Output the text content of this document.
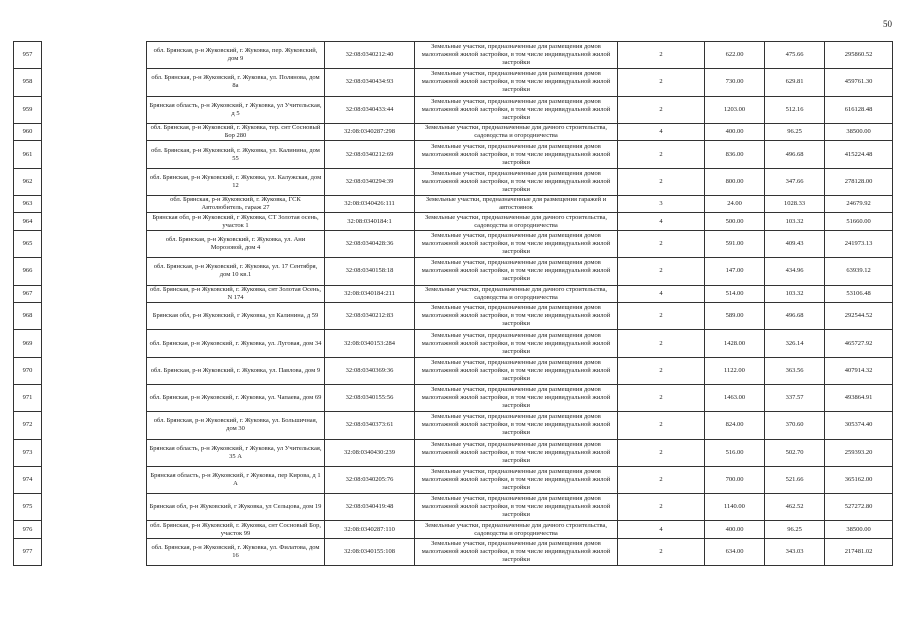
50
957		обл. Брянская, р-н Жуковский, г. Жуковка, пер. Жуковский, дом 9	32:08:0340212:40	Земельные участки, предназначенные для размещения домов малоэтажной жилой застройки, в том числе индивидуальной жилой застройки	2	622.00	475.66	295860.52
958		обл. Брянская, р-н Жуковский, г. Жуковка, ул. Полянова, дом 8а	32:08:0340434:93	Земельные участки, предназначенные для размещения домов малоэтажной жилой застройки, в том числе индивидуальной жилой застройки	2	730.00	629.81	459761.30
959		Брянская область, р-н Жуковский, г Жуковка, ул Учительская, д 5	32:08:0340433:44	Земельные участки, предназначенные для размещения домов малоэтажной жилой застройки, в том числе индивидуальной жилой застройки	2	1203.00	512.16	616128.48
960		обл. Брянская, р-н Жуковский, г. Жуковка, тер. снт Сосновый Бор 280	32:08:0340287:298	Земельные участки, предназначенные для дачного строительства, садоводства и огородничества	4	400.00	96.25	38500.00
961		обл. Брянская, р-н Жуковский, г. Жуковка, ул. Калинина, дом 55	32:08:0340212:69	Земельные участки, предназначенные для размещения домов малоэтажной жилой застройки, в том числе индивидуальной жилой застройки	2	836.00	496.68	415224.48
962		обл. Брянская, р-н Жуковский, г. Жуковка, ул. Калужская, дом 12	32:08:0340294:39	Земельные участки, предназначенные для размещения домов малоэтажной жилой застройки, в том числе индивидуальной жилой застройки	2	800.00	347.66	278128.00
963		обл. Брянская, р-н Жуковский, г. Жуковка, ГСК Автолюбитель, гараж 27	32:08:0340426:111	Земельные участки, предназначенные для размещения гаражей и автостоянок	3	24.00	1028.33	24679.92
964		Брянская обл, р-н Жуковский, г Жуковка, СТ Золотая осень, участок 1	32:08:0340184:1	Земельные участки, предназначенные для дачного строительства, садоводства и огородничества	4	500.00	103.32	51660.00
965		обл. Брянская, р-н Жуковский, г. Жуковка, ул. Ани Морозовой, дом 4	32:08:0340428:36	Земельные участки, предназначенные для размещения домов малоэтажной жилой застройки, в том числе индивидуальной жилой застройки	2	591.00	409.43	241973.13
966		обл. Брянская, р-н Жуковский, г. Жуковка, ул. 17 Сентября, дом 10 кв.1	32:08:0340158:18	Земельные участки, предназначенные для размещения домов малоэтажной жилой застройки, в том числе индивидуальной жилой застройки	2	147.00	434.96	63939.12
967		обл. Брянская, р-н Жуковский, г. Жуковка, снт Золотая Осень, N 174	32:08:0340184:211	Земельные участки, предназначенные для дачного строительства, садоводства и огородничества	4	514.00	103.32	53106.48
968		Брянская обл, р-н Жуковский, г Жуковка, ул Калинина, д 59	32:08:0340212:83	Земельные участки, предназначенные для размещения домов малоэтажной жилой застройки, в том числе индивидуальной жилой застройки	2	589.00	496.68	292544.52
969		обл. Брянская, р-н Жуковский, г. Жуковка, ул. Луговая, дом 34	32:08:0340153:284	Земельные участки, предназначенные для размещения домов малоэтажной жилой застройки, в том числе индивидуальной жилой застройки	2	1428.00	326.14	465727.92
970		обл. Брянская, р-н Жуковский, г. Жуковка, ул. Павлова, дом 9	32:08:0340369:36	Земельные участки, предназначенные для размещения домов малоэтажной жилой застройки, в том числе индивидуальной жилой застройки	2	1122.00	363.56	407914.32
971		обл. Брянская, р-н Жуковский, г. Жуковка, ул. Чапаева, дом 69	32:08:0340155:56	Земельные участки, предназначенные для размещения домов малоэтажной жилой застройки, в том числе индивидуальной жилой застройки	2	1463.00	337.57	493864.91
972		обл. Брянская, р-н Жуковский, г. Жуковка, ул. Большичная, дом 30	32:08:0340373:61	Земельные участки, предназначенные для размещения домов малоэтажной жилой застройки, в том числе индивидуальной жилой застройки	2	824.00	370.60	305374.40
973		Брянская область, р-н Жуковский, г Жуковка, ул Учительская, 35 А	32:08:0340430:239	Земельные участки, предназначенные для размещения домов малоэтажной жилой застройки, в том числе индивидуальной жилой застройки	2	516.00	502.70	259393.20
974		Брянская область, р-н Жуковский, г Жуковка, пер Кирова, д 1 А	32:08:0340205:76	Земельные участки, предназначенные для размещения домов малоэтажной жилой застройки, в том числе индивидуальной жилой застройки	2	700.00	521.66	365162.00
975		Брянская обл, р-н Жуковский, г Жуковка, ул Сельцова, дом 19	32:08:0340419:48	Земельные участки, предназначенные для размещения домов малоэтажной жилой застройки, в том числе индивидуальной жилой застройки	2	1140.00	462.52	527272.80
976		обл. Брянская, р-н Жуковский, г. Жуковка, снт Сосновый Бор, участок 99	32:08:0340287:110	Земельные участки, предназначенные для дачного строительства, садоводства и огородничества	4	400.00	96.25	38500.00
977		обл. Брянская, р-н Жуковский, г. Жуковка, ул. Филатова, дом 16	32:08:0340155:108	Земельные участки, предназначенные для размещения домов малоэтажной жилой застройки, в том числе индивидуальной жилой застройки	2	634.00	343.03	217481.02
